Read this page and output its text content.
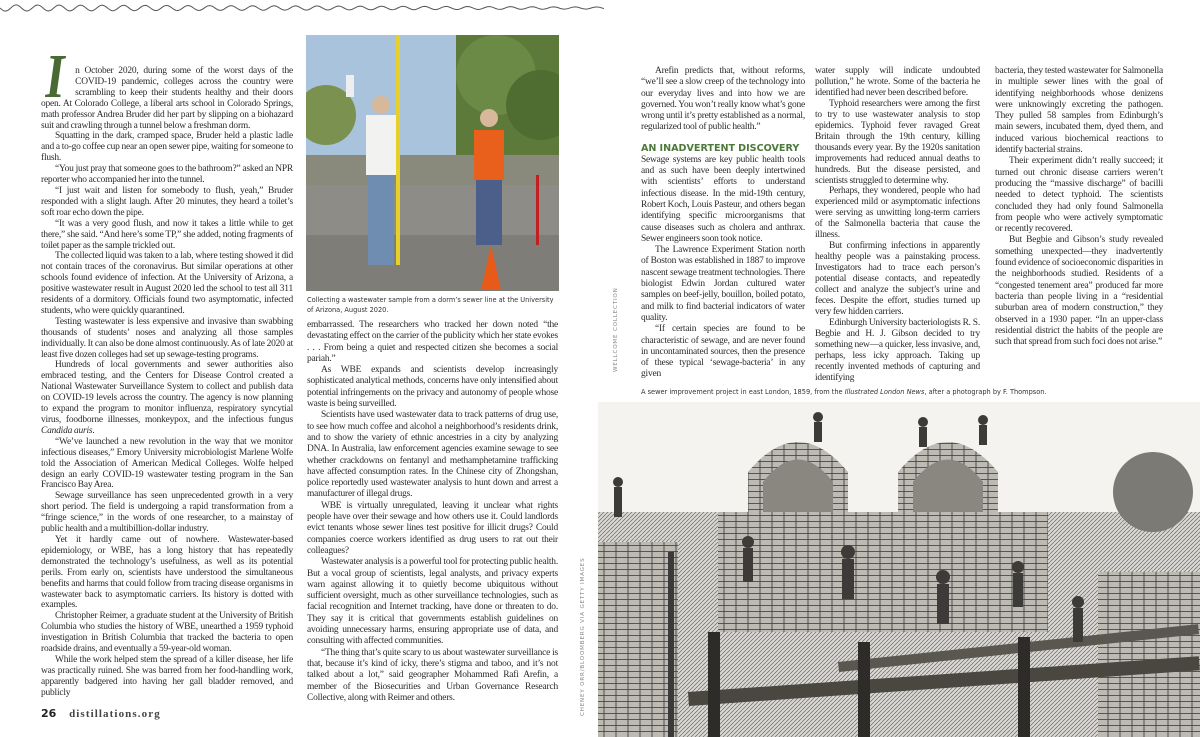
I n October 2020, during some of the worst days of the COVID-19 pandemic, colleges across the country were scrambling to keep their students healthy and their doors open. At Colorado College, a liberal arts school in Colorado Springs, math professor Andrea Bruder did her part by slipping on a biohazard suit and crawling through a tunnel below a freshman dorm.

Squatting in the dark, cramped space, Bruder held a plastic ladle and a to-go coffee cup near an open sewer pipe, waiting for someone to flush.

“You just pray that someone goes to the bathroom?” asked an NPR reporter who accompanied her into the tunnel.

“I just wait and listen for somebody to flush, yeah,” Bruder responded with a slight laugh. After 20 minutes, they heard a toilet’s soft roar echo down the pipe.

“It was a very good flush, and now it takes a little while to get there,” she said. “And here’s some TP,” she added, noting fragments of toilet paper as the sample trickled out.

The collected liquid was taken to a lab, where testing showed it did not contain traces of the coronavirus. But similar operations at other schools found evidence of infection. At the University of Arizona, a positive wastewater result in August 2020 led the school to test all 311 residents of a dormitory. Officials found two asymptomatic, infected students, who were quickly quarantined.

Testing wastewater is less expensive and invasive than swabbing thousands of students’ noses and analyzing all those samples individually. It can also be done almost continuously. As of late 2020 at least five dozen colleges had set up sewage-testing programs.

Hundreds of local governments and sewer authorities also embraced testing, and the Centers for Disease Control created a National Wastewater Surveillance System to collect and publish data on COVID-19 levels across the country. The agency is now planning to expand the program to monitor influenza, respiratory syncytial virus, foodborne illnesses, monkeypox, and the infectious fungus Candida auris.

“We’ve launched a new revolution in the way that we monitor infectious diseases,” Emory University microbiologist Marlene Wolfe told the Association of American Medical Colleges. Wolfe helped design an early COVID-19 wastewater testing program in the San Francisco Bay Area.

Sewage surveillance has seen unprecedented growth in a very short period. The field is undergoing a rapid transformation from a “fringe science,” in the words of one researcher, to a mainstay of public health and a multibillion-dollar industry.

Yet it hardly came out of nowhere. Wastewater-based epidemiology, or WBE, has a long history that has repeatedly demonstrated the technology’s usefulness, as well as its potential perils. From early on, scientists have understood the simultaneous benefits and harms that could follow from tracing disease organisms in wastewater back to asymptomatic carriers. Its history is dotted with examples.

Christopher Reimer, a graduate student at the University of British Columbia who studies the history of WBE, unearthed a 1959 typhoid investigation in British Columbia that tracked the bacteria to open roadside drains, and eventually a 59-year-old woman.

While the work helped stem the spread of a killer disease, her life was practically ruined. She was barred from her food-handling work, apparently badgered into having her gall bladder removed, and publicly

Collecting a wastewater sample from a dorm’s sewer line at the University of Arizona, August 2020.

embarrassed. The researchers who tracked her down noted “the devastating effect on the carrier of the publicity which her state evokes . . . From being a quiet and respected citizen she becomes a social pariah.”

As WBE expands and scientists develop increasingly sophisticated analytical methods, concerns have only intensified about potential infringements on the privacy and autonomy of people whose waste is being surveilled.

Scientists have used wastewater data to track patterns of drug use, to see how much coffee and alcohol a neighborhood’s residents drink, and to show the variety of ethnic ancestries in a city by analyzing DNA. In Australia, law enforcement agencies examine sewage to see whether crackdowns on fentanyl and methamphetamine trafficking have affected consumption rates. In the Chinese city of Zhongshan, police reportedly used wastewater analysis to hunt down and arrest a manufacturer of illegal drugs.

WBE is virtually unregulated, leaving it unclear what rights people have over their sewage and how others use it. Could landlords evict tenants whose sewer lines test positive for illicit drugs? Could companies coerce workers identified as drug users to rat out their colleagues?

Wastewater analysis is a powerful tool for protecting public health. But a vocal group of scientists, legal analysts, and privacy experts warn against allowing it to quietly become ubiquitous without sufficient oversight, much as other surveillance technologies, such as facial recognition and Internet tracking, have done or threaten to do. They say it is critical that governments establish guidelines on avoiding unnecessary harms, ensuring appropriate use of data, and consulting with affected communities.

“The thing that’s quite scary to us about wastewater surveillance is that, because it’s kind of icky, there’s stigma and taboo, and it’s not talked about a lot,” said geographer Mohammed Rafi Arefin, a member of the Biosecurities and Urban Governance Research Collective, along with Reimer and others.	CHENEY ORR/BLOOMBERG VIA GETTY IMAGES
WELLCOME COLLECTION
26 distillations.org

Arefin predicts that, without reforms, “we’ll see a slow creep of the technology into our everyday lives and into how we are governed. You won’t really know what’s gone wrong until it’s pretty established as a normal, regularized tool of public health.”

AN INADVERTENT DISCOVERY

Sewage systems are key public health tools and as such have been deeply intertwined with scientists’ efforts to understand infectious disease. In the mid-19th century, Robert Koch, Louis Pasteur, and others began identifying specific microorganisms that cause diseases such as cholera and anthrax. Sewer engineers soon took notice.

The Lawrence Experiment Station north of Boston was established in 1887 to improve nascent sewage treatment technologies. There biologist Edwin Jordan cultured water samples on beef-jelly, bouillon, boiled potato, and milk to find bacterial indicators of water quality.

“If certain species are found to be characteristic of sewage, and are never found in uncontaminated sources, then the presence of these typical ‘sewage-bacteria’ in any given

water supply will indicate undoubted pollution,” he wrote. Some of the bacteria he identified had never been described before.

Typhoid researchers were among the first to try to use wastewater analysis to stop epidemics. Typhoid fever ravaged Great Britain through the 19th century, killing thousands every year. By the 1920s sanitation improvements had reduced annual deaths to hundreds. But the disease persisted, and scientists struggled to determine why.

Perhaps, they wondered, people who had experienced mild or asymptomatic infections were serving as unwitting long-term carriers of the Salmonella bacteria that cause the illness.

But confirming infections in apparently healthy people was a painstaking process. Investigators had to trace each person’s potential disease contacts, and repeatedly collect and analyze the subject’s urine and feces. Despite the effort, studies turned up very few hidden carriers.

Edinburgh University bacteriologists R. S. Begbie and H. J. Gibson decided to try something new—a quicker, less invasive, and, perhaps, less icky approach. Taking up recently invented methods of capturing and identifying

bacteria, they tested wastewater for Salmonella in multiple sewer lines with the goal of identifying neighborhoods whose denizens were unknowingly excreting the pathogen. They pulled 58 samples from Edinburgh’s main sewers, incubated them, dyed them, and induced various biochemical reactions to identify bacterial strains.

Their experiment didn’t really succeed; it turned out chronic disease carriers weren’t producing the “massive discharge” of bacilli needed to detect typhoid. The scientists concluded they had only found Salmonella from people who were actively symptomatic or recently recovered.

But Begbie and Gibson’s study revealed something unexpected—they inadvertently found evidence of socioeconomic disparities in the neighborhoods studied. Residents of a “congested tenement area” produced far more bacteria than people living in a “residential suburban area of modern construction,” they observed in a 1930 paper. “In an upper-class residential district the habits of the people are such that spread from such foci does not arise.”

A sewer improvement project in east London, 1859, from the Illustrated London News, after a photograph by F. Thompson.
